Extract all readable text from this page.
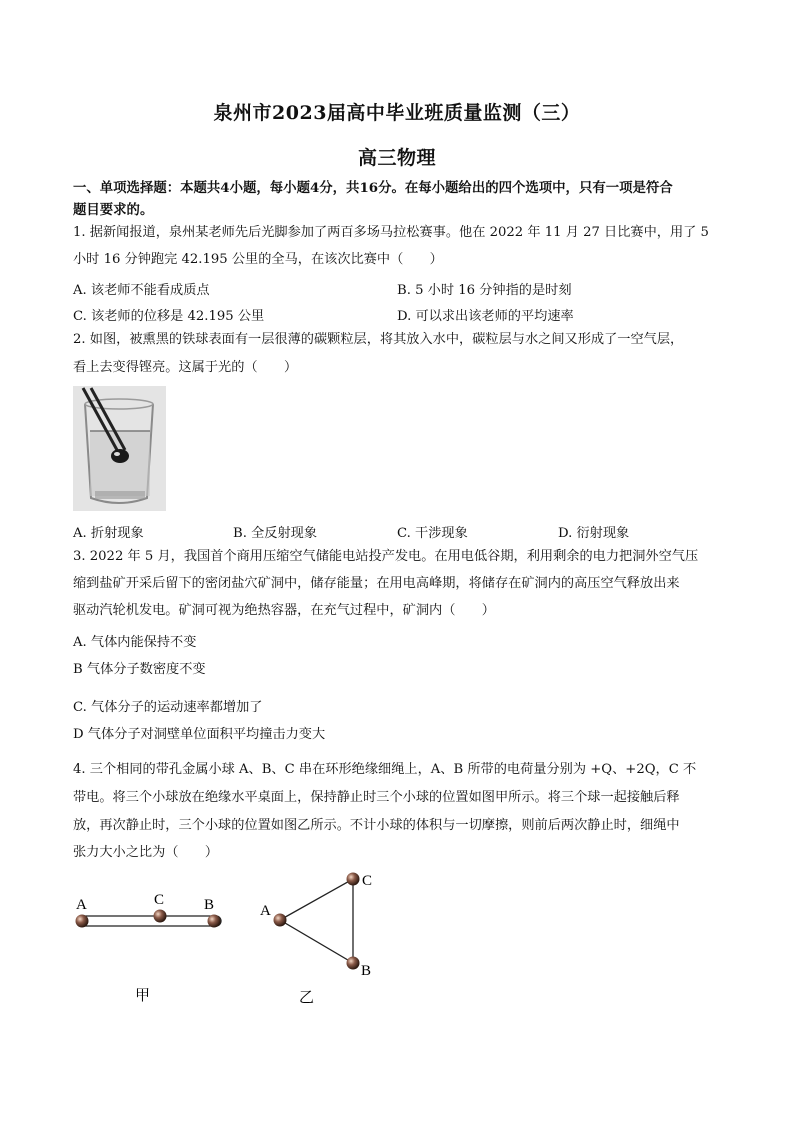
泉州市2023届高中毕业班质量监测（三）
高三物理
一、单项选择题：本题共4小题，每小题4分，共16分。在每小题给出的四个选项中，只有一项是符合
题目要求的。
1. 据新闻报道，泉州某老师先后光脚参加了两百多场马拉松赛事。他在 2022 年 11 月 27 日比赛中，用了 5
小时 16 分钟跑完 42.195 公里的全马，在该次比赛中（　　）
A. 该老师不能看成质点	B. 5 小时 16 分钟指的是时刻
C. 该老师的位移是 42.195 公里	D. 可以求出该老师的平均速率
2. 如图，被熏黑的铁球表面有一层很薄的碳颗粒层，将其放入水中，碳粒层与水之间又形成了一空气层，
看上去变得铿亮。这属于光的（　　）
A. 折射现象	B. 全反射现象	C. 干涉现象	D. 衍射现象
3. 2022 年 5 月，我国首个商用压缩空气储能电站投产发电。在用电低谷期，利用剩余的电力把洞外空气压
缩到盐矿开采后留下的密闭盐穴矿洞中，储存能量；在用电高峰期，将储存在矿洞内的高压空气释放出来
驱动汽轮机发电。矿洞可视为绝热容器，在充气过程中，矿洞内（　　）
A. 气体内能保持不变
B 气体分子数密度不变
C. 气体分子的运动速率都增加了
D 气体分子对洞壁单位面积平均撞击力变大
4. 三个相同的带孔金属小球 A、B、C 串在环形绝缘细绳上，A、B 所带的电荷量分别为 +Q、+2Q，C 不
带电。将三个小球放在绝缘水平桌面上，保持静止时三个小球的位置如图甲所示。将三个球一起接触后释
放，再次静止时，三个小球的位置如图乙所示。不计小球的体积与一切摩擦，则前后两次静止时，细绳中
张力大小之比为（　　）
A	C	B
甲
A
C
B
乙
